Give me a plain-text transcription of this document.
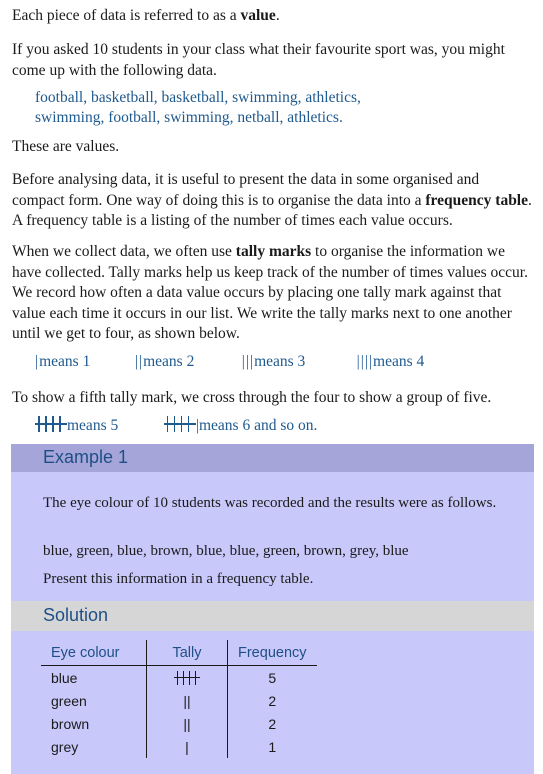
Each piece of data is referred to as a value.

If you asked 10 students in your class what their favourite sport was, you might come up with the following data.

football, basketball, basketball, swimming, athletics,

swimming, football, swimming, netball, athletics.

These are values.

Before analysing data, it is useful to present the data in some organised and compact form. One way of doing this is to organise the data into a frequency table. A frequency table is a listing of the number of times each value occurs.

When we collect data, we often use tally marks to organise the information we have collected. Tally marks help us keep track of the number of times values occur. We record how often a data value occurs by placing one tally mark against that value each time it occurs in our list. We write the tally marks next to one another until we get to four, as shown below.

|means 1	||means 2	|||means 3	||||means 4

To show a fifth tally mark, we cross through the four to show a group of five.

means 5	|means 6 and so on.
Example 1

The eye colour of 10 students was recorded and the results were as follows.

blue, green, blue, brown, blue, blue, green, brown, grey, blue

Present this information in a frequency table.

Solution
Eye colour	Tally	Frequency
blue		5
green	||	2
brown	||	2
grey	|	1
